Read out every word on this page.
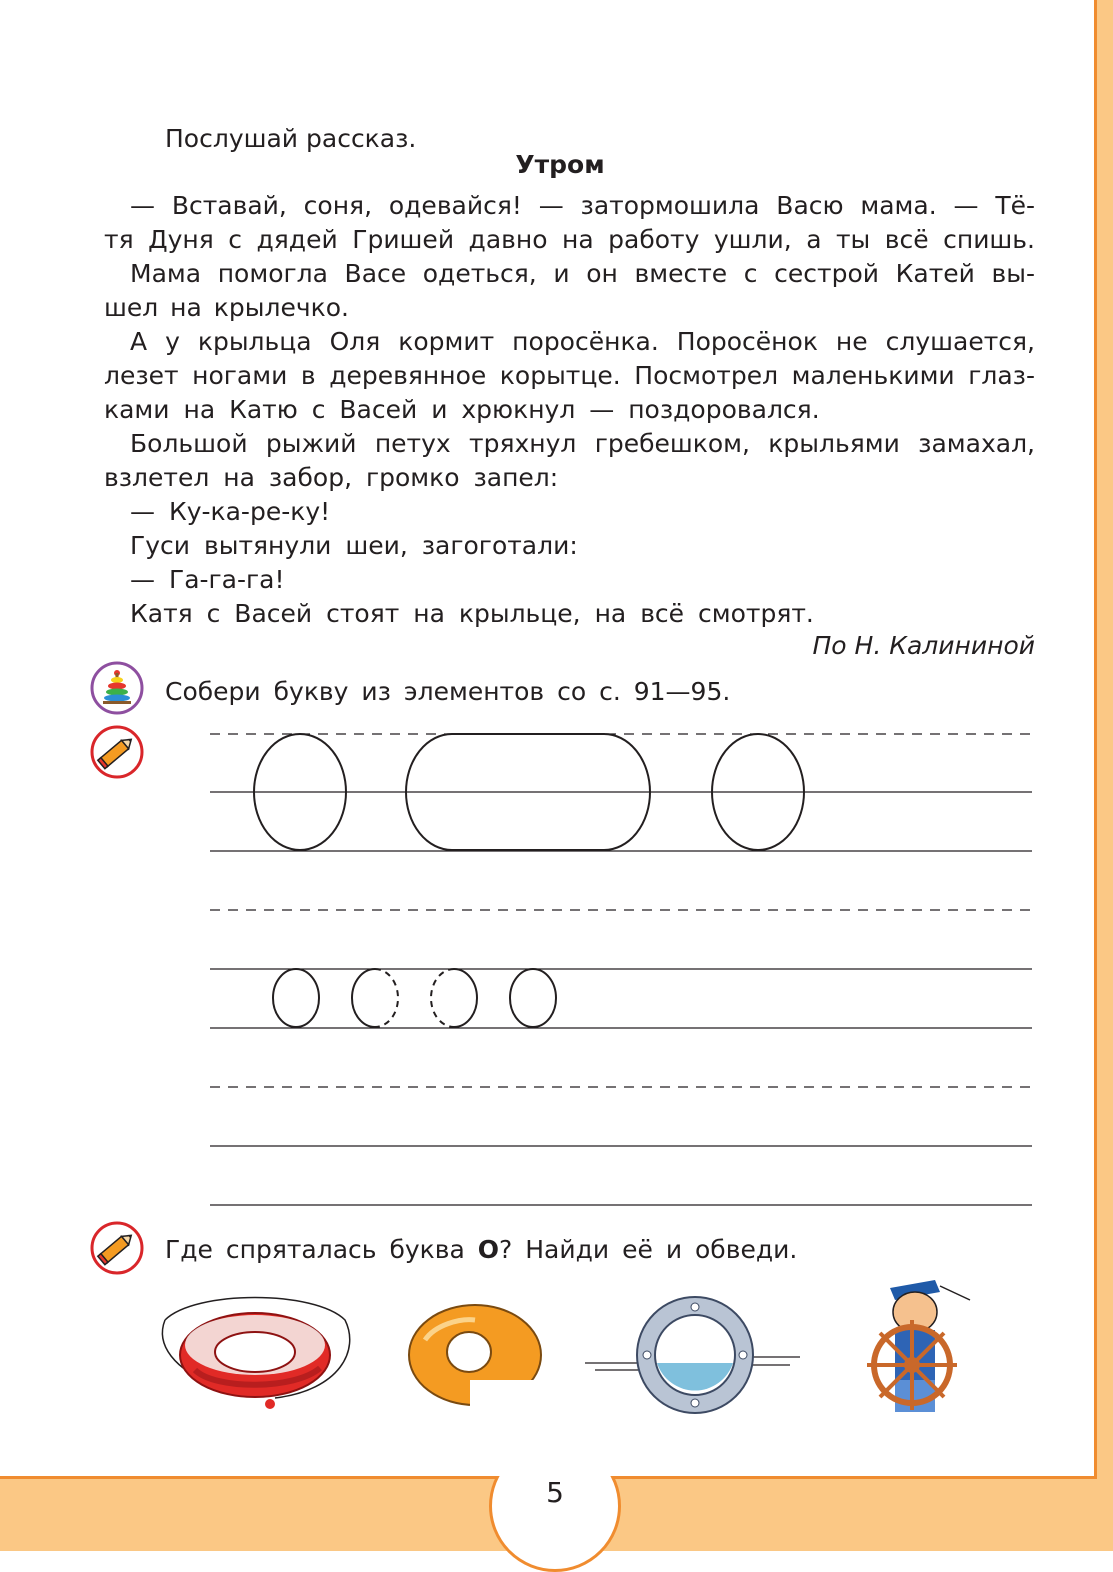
Послушай рассказ.
Утром
— Вставай, соня, одевайся! — затормошила Васю мама. — Тё-
тя Дуня с дядей Гришей давно на работу ушли, а ты всё спишь.
Мама помогла Васе одеться, и он вместе с сестрой Катей вы-
шел на крылечко.
А у крыльца Оля кормит поросёнка. Поросёнок не слушается,
лезет ногами в деревянное корытце. Посмотрел маленькими глаз-
ками на Катю с Васей и хрюкнул — поздоровался.
Большой рыжий петух тряхнул гребешком, крыльями замахал,
взлетел на забор, громко запел:
— Ку-ка-ре-ку!
Гуси вытянули шеи, загоготали:
— Га-га-га!
Катя с Васей стоят на крыльце, на всё смотрят.
По Н. Калининой
Собери букву из элементов со с. 91—95.
Где спряталась буква О? Найди её и обведи.
5
